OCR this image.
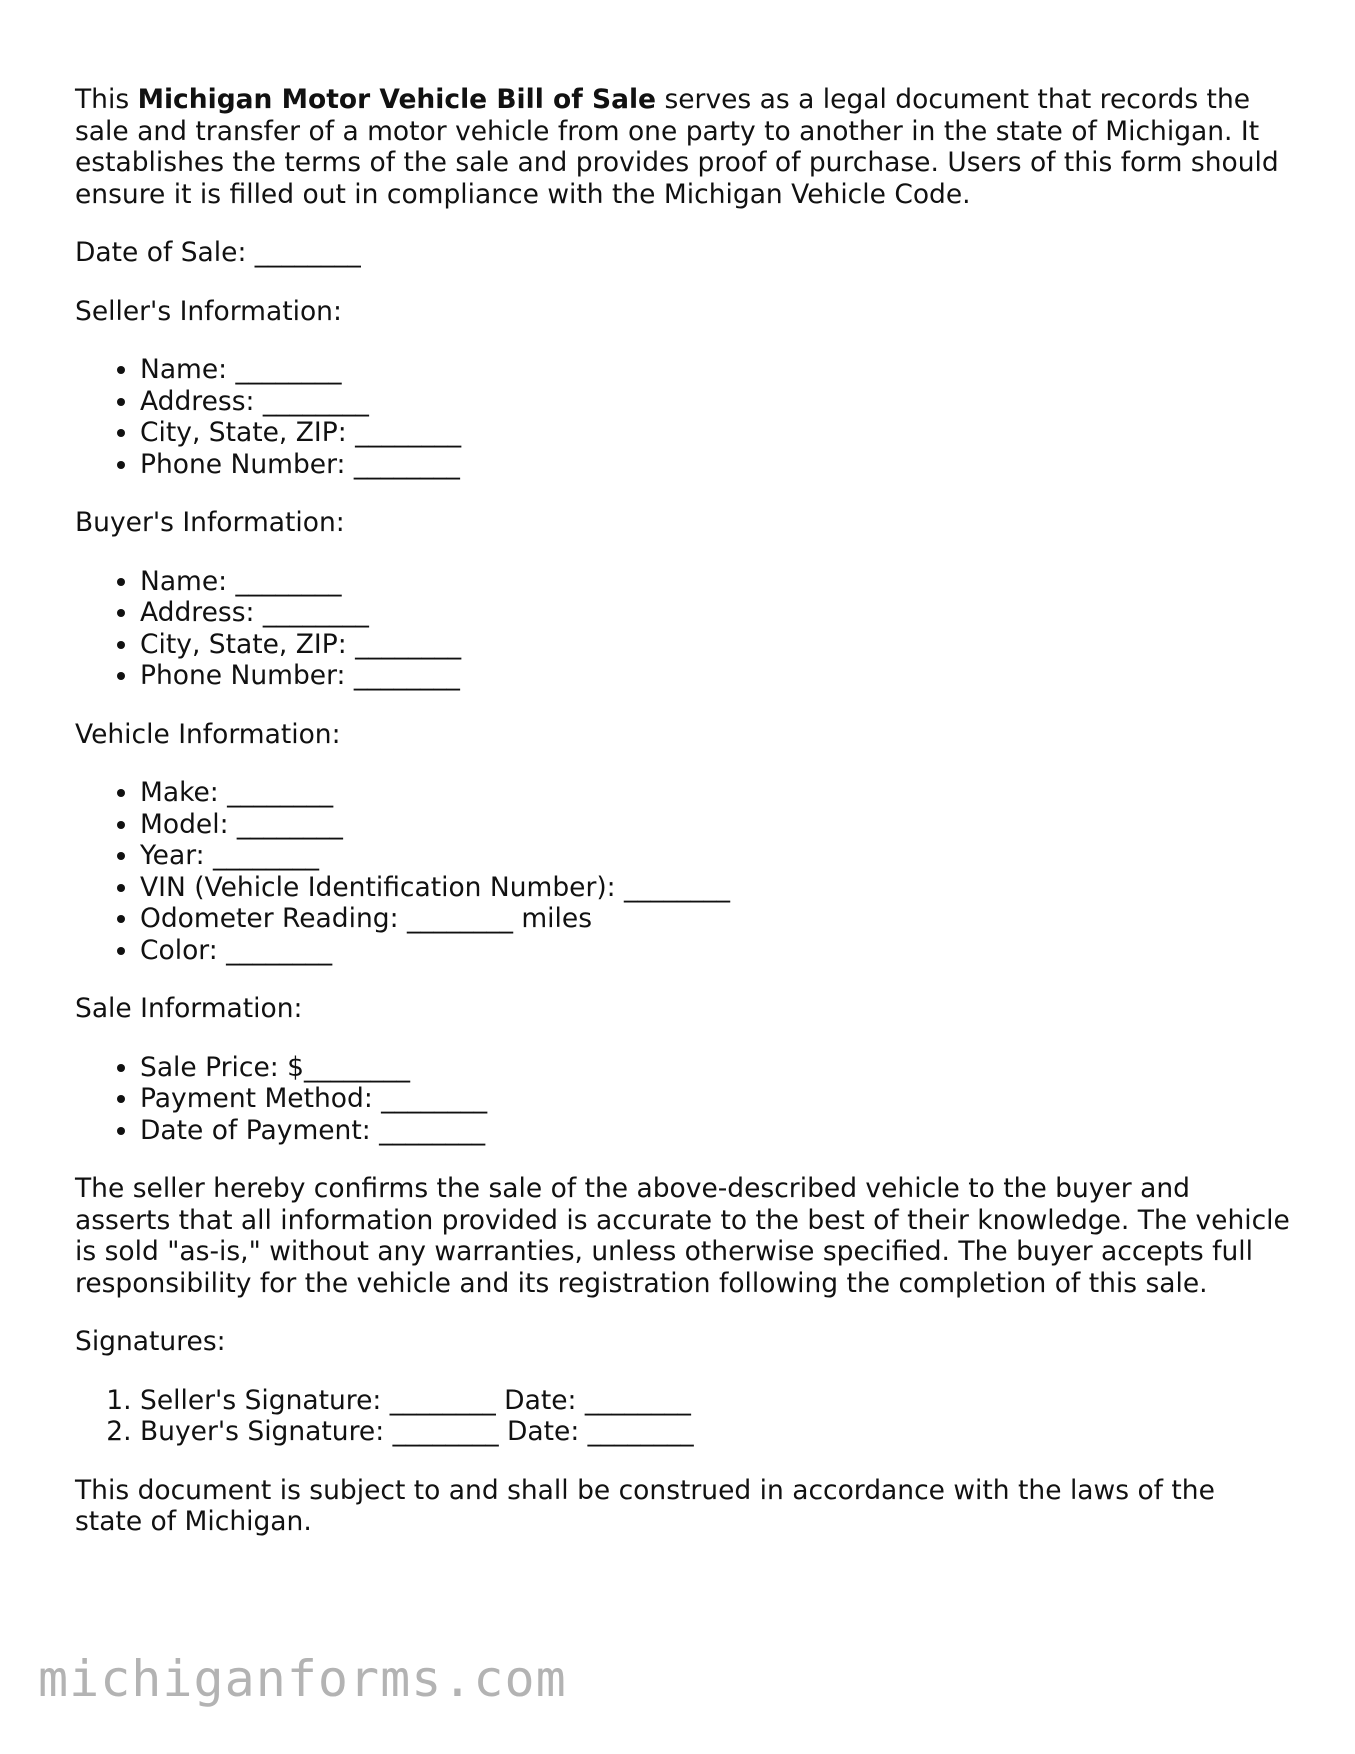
This Michigan Motor Vehicle Bill of Sale serves as a legal document that records the sale and transfer of a motor vehicle from one party to another in the state of Michigan. It establishes the terms of the sale and provides proof of purchase. Users of this form should ensure it is filled out in compliance with the Michigan Vehicle Code.

Date of Sale: ________

Seller's Information:

• Name: ________
• Address: ________
• City, State, ZIP: ________
• Phone Number: ________

Buyer's Information:

• Name: ________
• Address: ________
• City, State, ZIP: ________
• Phone Number: ________

Vehicle Information:

• Make: ________
• Model: ________
• Year: ________
• VIN (Vehicle Identification Number): ________
• Odometer Reading: ________ miles
• Color: ________

Sale Information:

• Sale Price: $________
• Payment Method: ________
• Date of Payment: ________

The seller hereby confirms the sale of the above-described vehicle to the buyer and asserts that all information provided is accurate to the best of their knowledge. The vehicle is sold "as-is," without any warranties, unless otherwise specified. The buyer accepts full responsibility for the vehicle and its registration following the completion of this sale.

Signatures:

1. Seller's Signature: ________ Date: ________
2. Buyer's Signature: ________ Date: ________

This document is subject to and shall be construed in accordance with the laws of the state of Michigan.

michiganforms.com
